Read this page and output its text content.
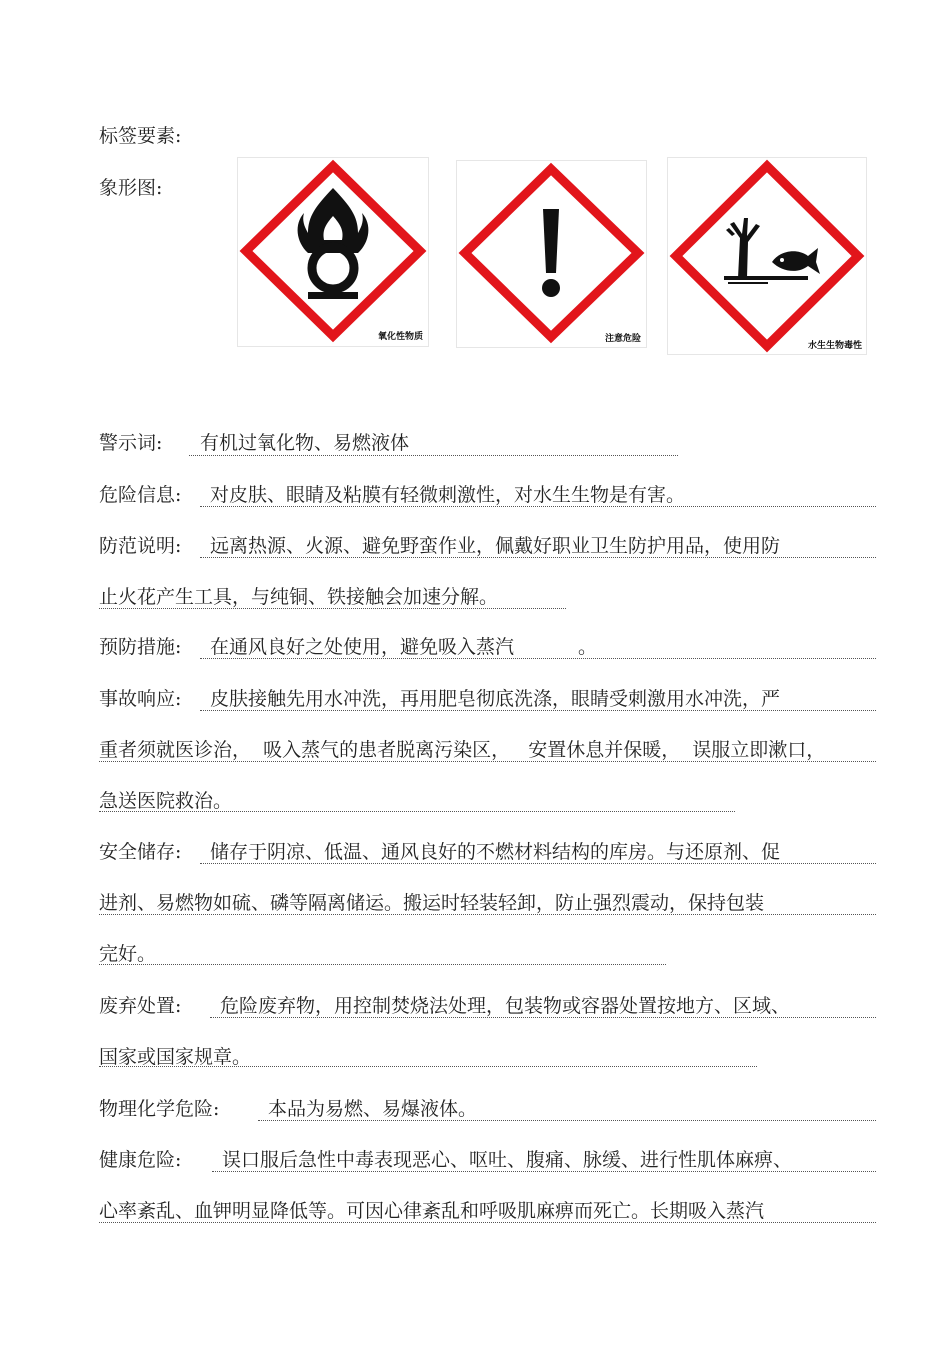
标签要素:
象形图:
氧化性物质	注意危险
水生生物毒性
警示词: 有机过氧化物、易燃液体
危险信息: 对皮肤、眼睛及粘膜有轻微刺激性，对水生生物是有害。
防范说明: 远离热源、火源、避免野蛮作业，佩戴好职业卫生防护用品，使用防
止火花产生工具，与纯铜、铁接触会加速分解。
预防措施: 在通风良好之处使用，避免吸入蒸汽	。
事故响应: 皮肤接触先用水冲洗，再用肥皂彻底洗涤，眼睛受刺激用水冲洗，严
重者须就医诊治，  吸入蒸气的患者脱离污染区，   安置休息并保暖，  误服立即漱口，
急送医院救治。
安全储存: 储存于阴凉、低温、通风良好的不燃材料结构的库房。与还原剂、促
进剂、易燃物如硫、磷等隔离储运。搬运时轻装轻卸，防止强烈震动，保持包装
完好。
废弃处置: 危险废弃物，用控制焚烧法处理，包装物或容器处置按地方、区域、
国家或国家规章。
物理化学危险:	本品为易燃、易爆液体。
健康危险: 误口服后急性中毒表现恶心、呕吐、腹痛、脉缓、进行性肌体麻痹、
心率紊乱、血钾明显降低等。可因心律紊乱和呼吸肌麻痹而死亡。长期吸入蒸汽
